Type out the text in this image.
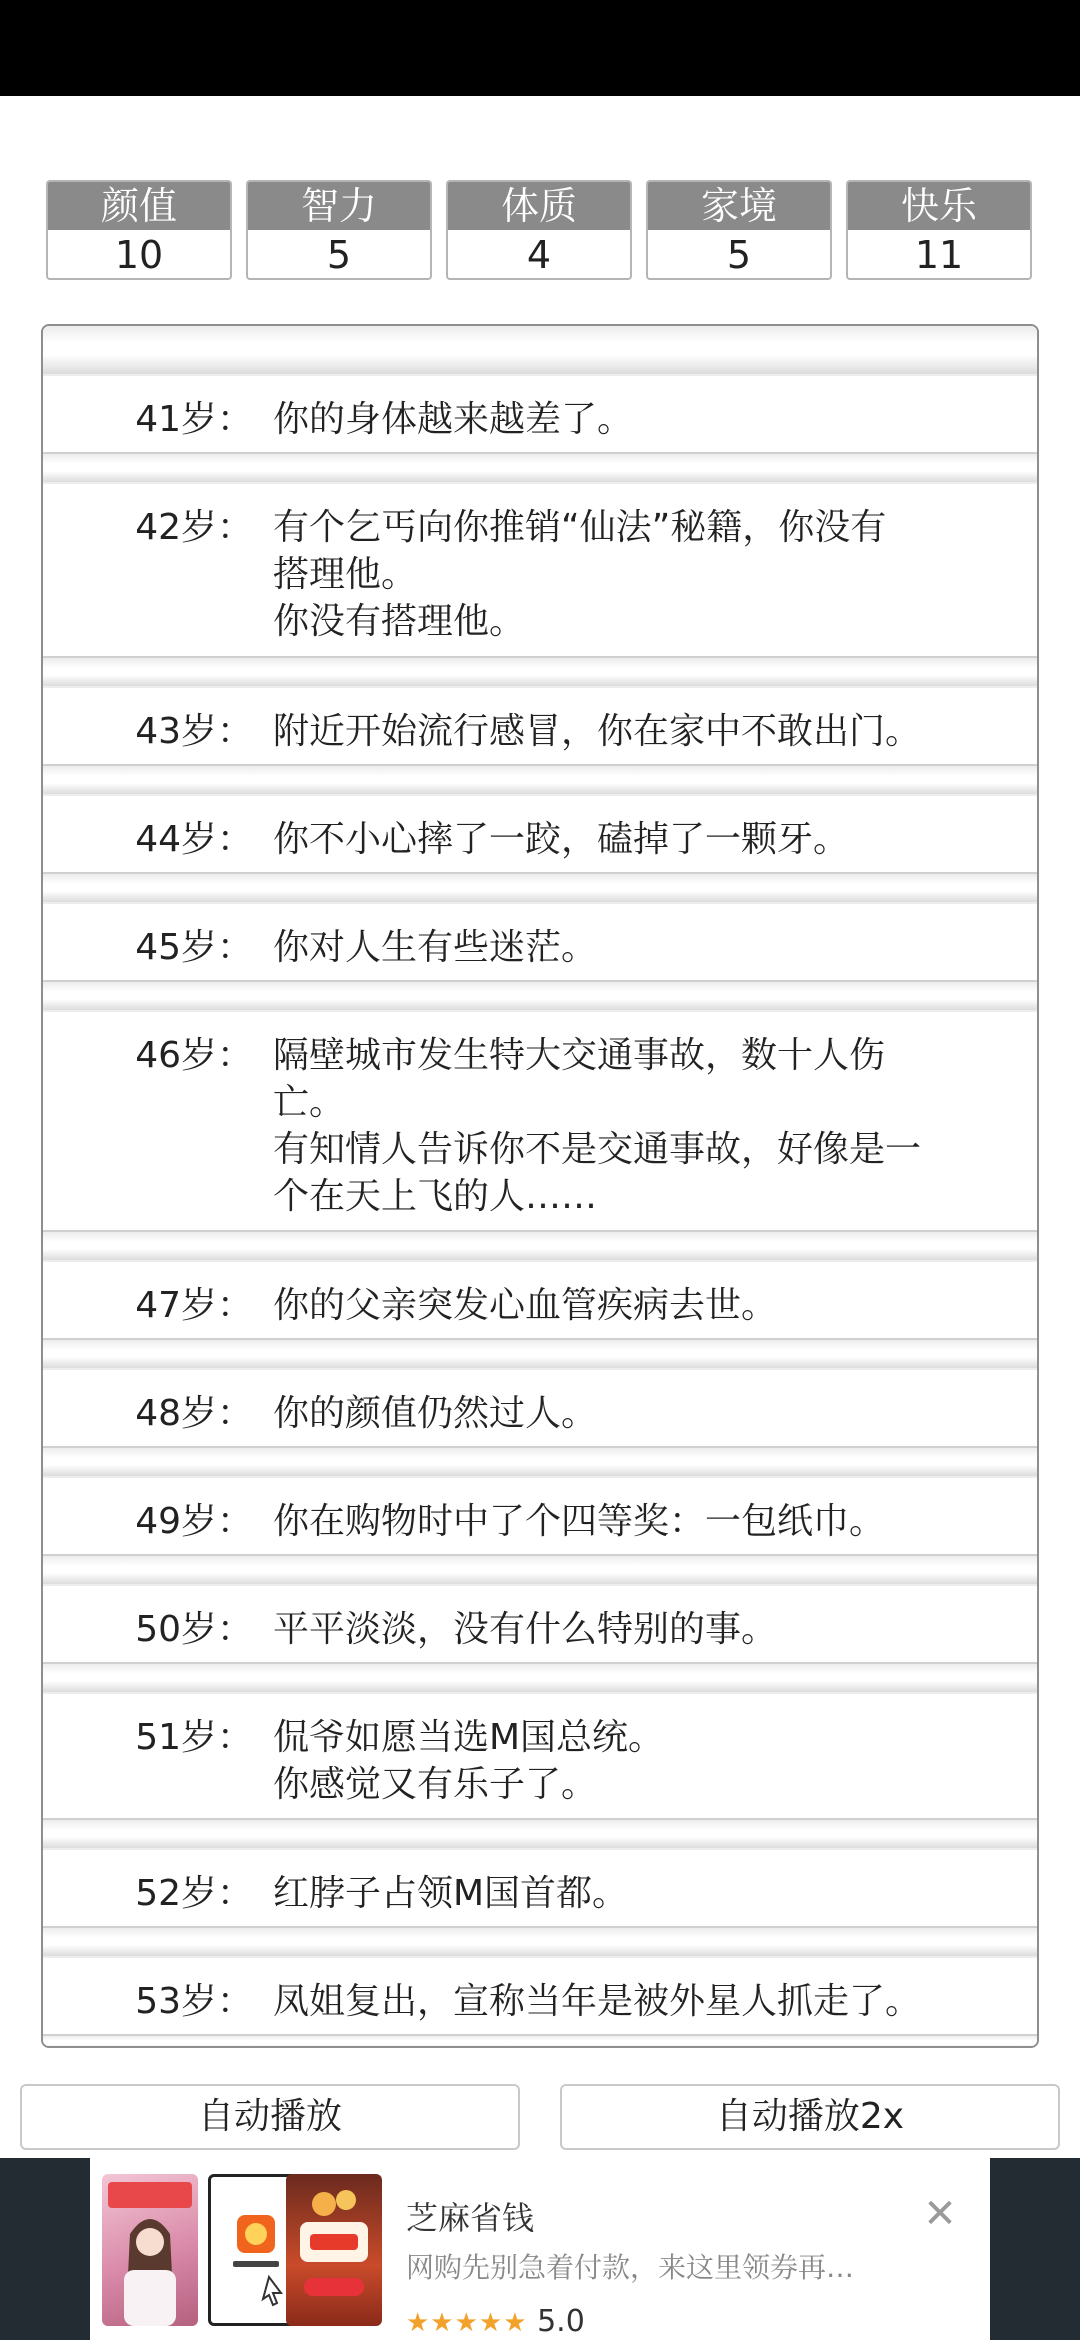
颜值
10
智力
5
体质
4
家境
5
快乐
11
41岁： 你的身体越来越差了。
42岁： 有个乞丐向你推销“仙法”秘籍，你没有
搭理他。
你没有搭理他。
43岁： 附近开始流行感冒，你在家中不敢出门。
44岁： 你不小心摔了一跤，磕掉了一颗牙。
45岁： 你对人生有些迷茫。
46岁： 隔壁城市发生特大交通事故，数十人伤
亡。
有知情人告诉你不是交通事故，好像是一
个在天上飞的人……
47岁： 你的父亲突发心血管疾病去世。
48岁： 你的颜值仍然过人。
49岁： 你在购物时中了个四等奖：一包纸巾。
50岁： 平平淡淡，没有什么特别的事。
51岁： 侃爷如愿当选M国总统。
你感觉又有乐子了。
52岁： 红脖子占领M国首都。
53岁： 凤姐复出，宣称当年是被外星人抓走了。
自动播放	自动播放2x
芝麻省钱
网购先别急着付款，来这里领券再…
★★★★★ 5.0
✕
